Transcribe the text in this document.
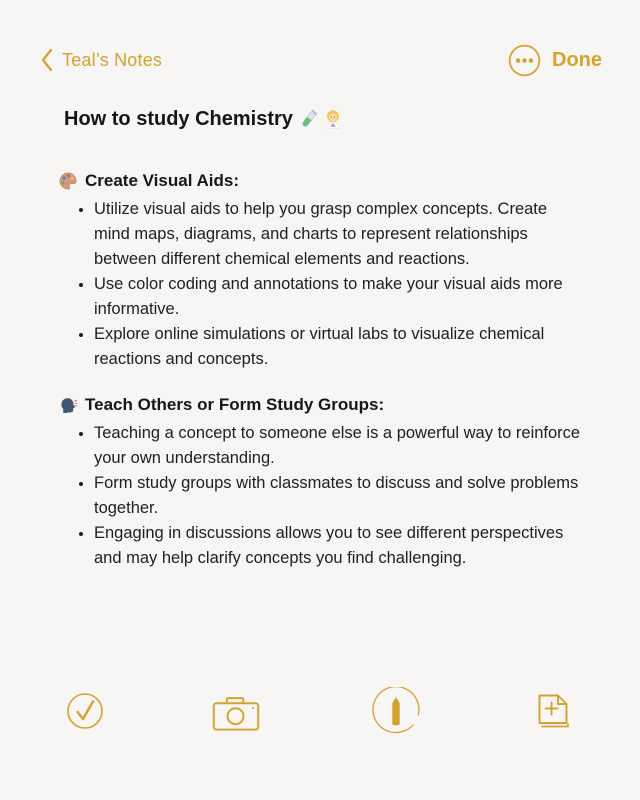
Teal’s Notes	Done
How to study Chemistry
Create Visual Aids:
• Utilize visual aids to help you grasp complex concepts. Create mind maps, diagrams, and charts to represent relationships between different chemical elements and reactions.
• Use color coding and annotations to make your visual aids more informative.
• Explore online simulations or virtual labs to visualize chemical reactions and concepts.
Teach Others or Form Study Groups:
• Teaching a concept to someone else is a powerful way to reinforce your own understanding.
• Form study groups with classmates to discuss and solve problems together.
• Engaging in discussions allows you to see different perspectives and may help clarify concepts you find challenging.
